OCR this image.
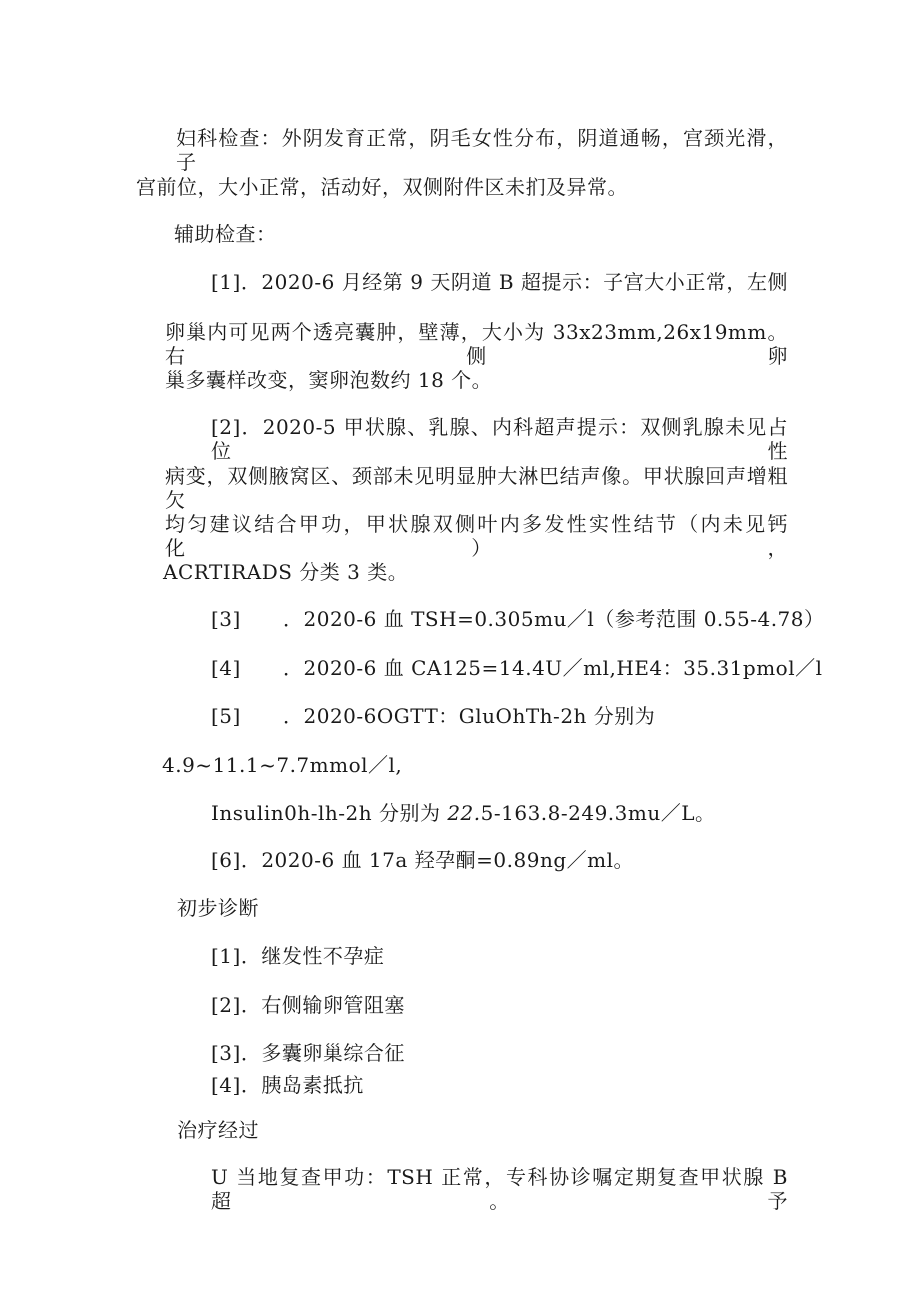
妇科检查：外阴发育正常，阴毛女性分布，阴道通畅，宫颈光滑，子
宫前位，大小正常，活动好，双侧附件区未扪及异常。
辅助检查：
[1]．2020-6 月经第 9 天阴道 B 超提示：子宫大小正常，左侧
卵巢内可见两个透亮囊肿，壁薄，大小为 33x23mm,26x19mm。右侧卵
巢多囊样改变，窦卵泡数约 18 个。
[2]．2020-5 甲状腺、乳腺、内科超声提示：双侧乳腺未见占位性
病变，双侧腋窝区、颈部未见明显肿大淋巴结声像。甲状腺回声增粗欠
均匀建议结合甲功，甲状腺双侧叶内多发性实性结节（内未见钙化），
ACRTIRADS 分类 3 类。
[3] ．2020-6 血 TSH=0.305mu／l（参考范围 0.55-4.78）
[4] ．2020-6 血 CA125=14.4U／ml,HE4：35.31pmol／l
[5] ．2020-6OGTT：GluOhTh-2h 分别为
4.9~11.1~7.7mmol／l,
Insulin0h-lh-2h 分别为 22.5-163.8-249.3mu／L。
[6]．2020-6 血 17a 羟孕酮=0.89ng／ml。
初步诊断
[1]．继发性不孕症
[2]．右侧输卵管阻塞
[3]．多囊卵巢综合征
[4]．胰岛素抵抗
治疗经过
U 当地复查甲功：TSH 正常，专科协诊嘱定期复查甲状腺 B 超。予
